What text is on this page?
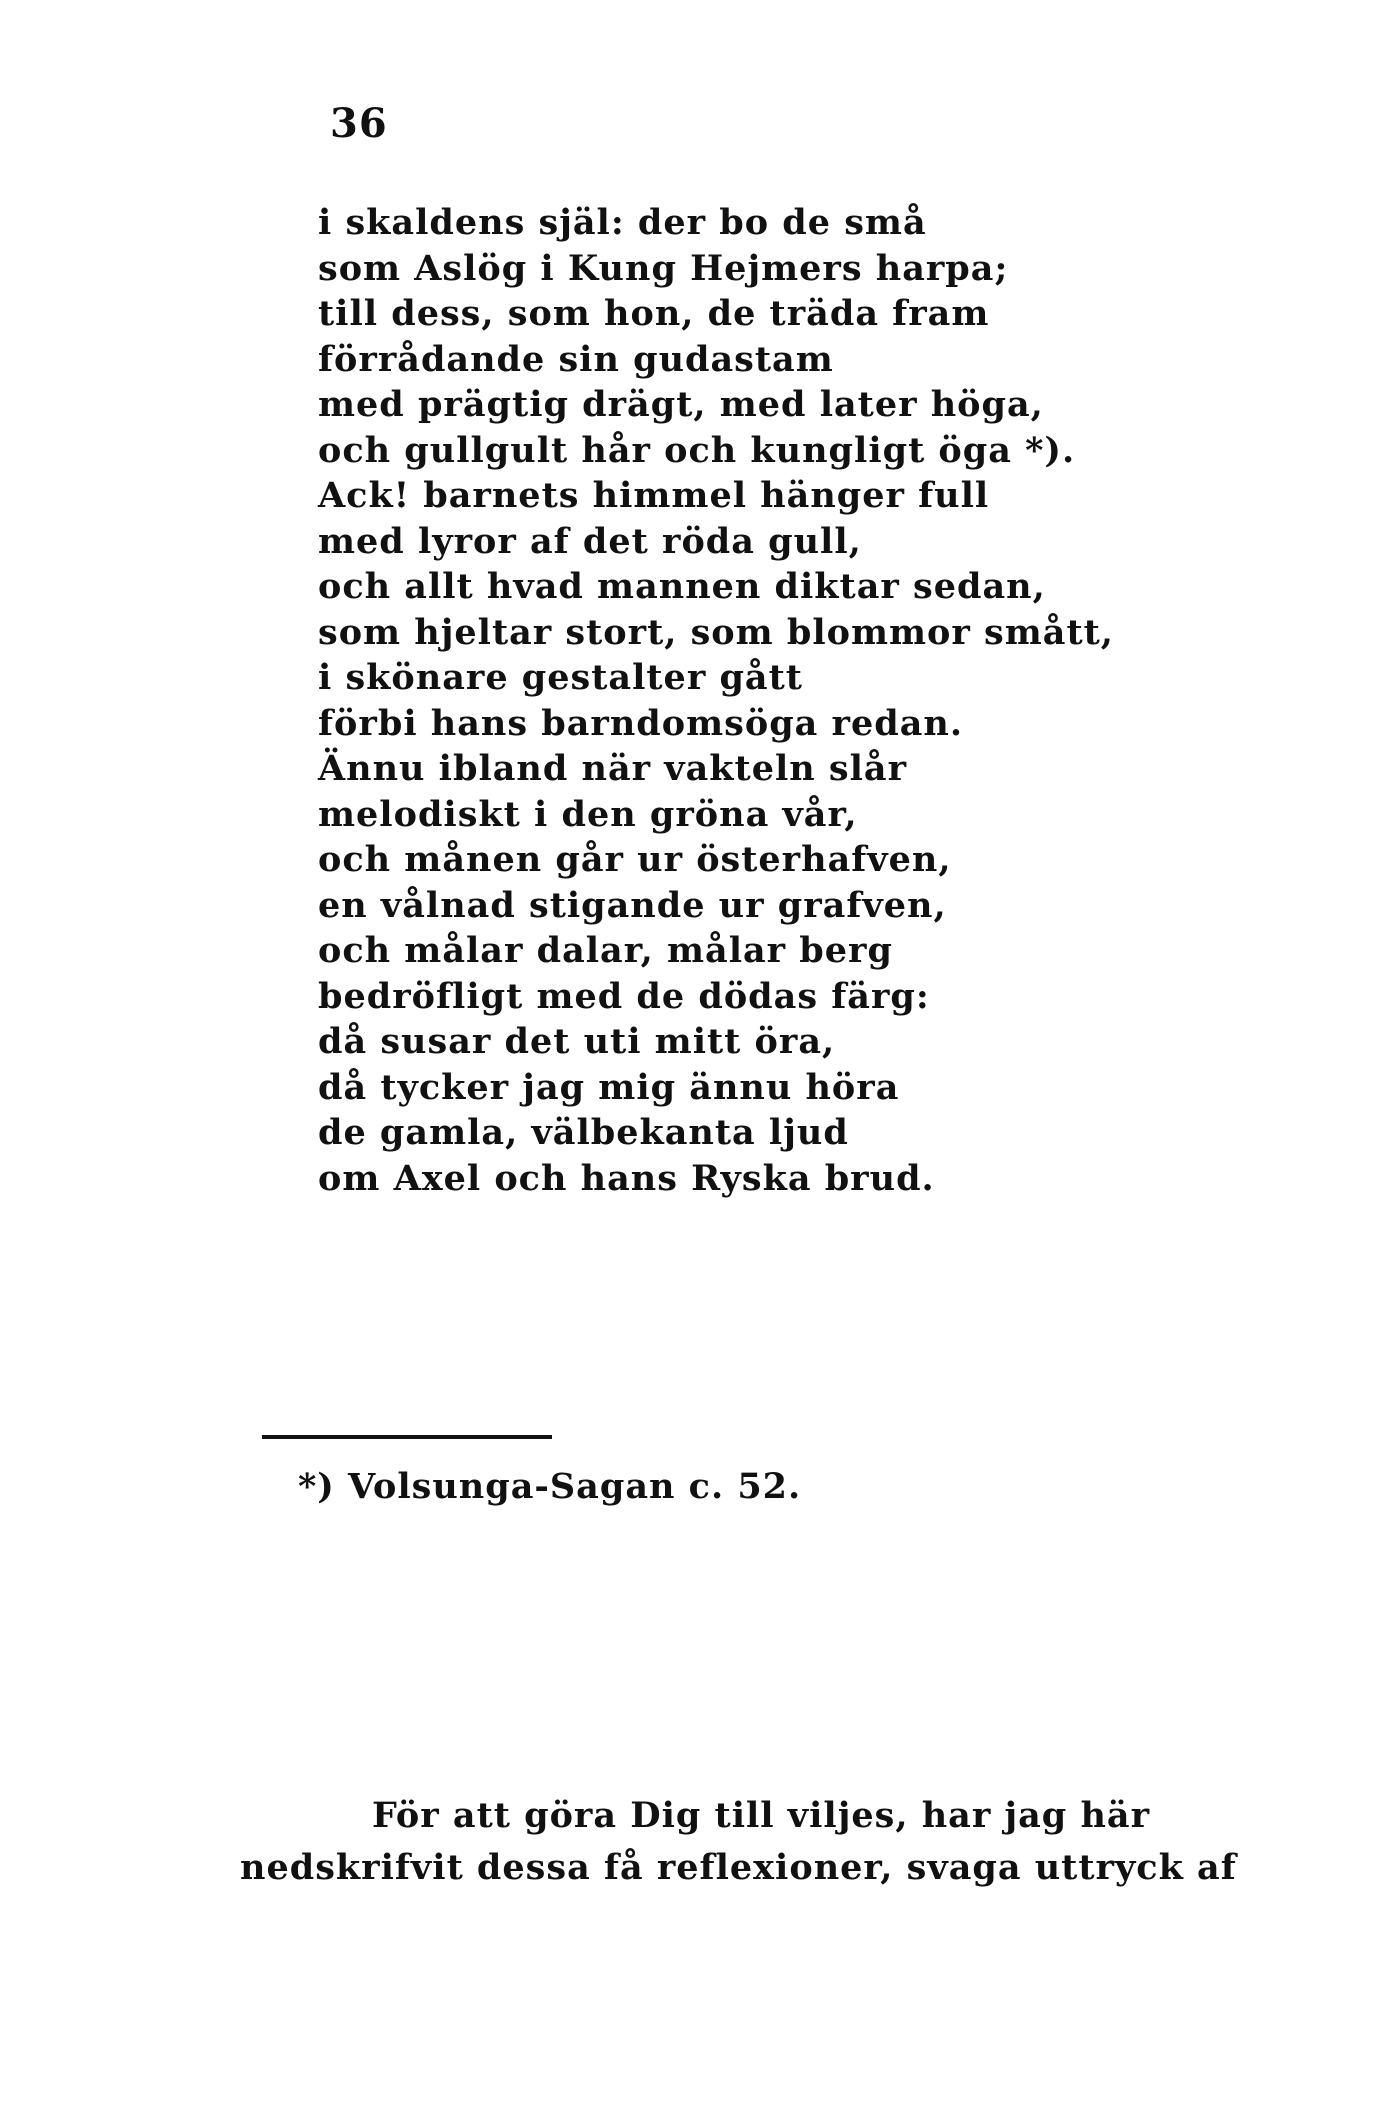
36
i skaldens själ: der bo de små
som Aslög i Kung Hejmers harpa;
till dess, som hon, de träda fram
förrådande sin gudastam
med prägtig drägt, med later höga,
och gullgult hår och kungligt öga *).
Ack! barnets himmel hänger full
med lyror af det röda gull,
och allt hvad mannen diktar sedan,
som hjeltar stort, som blommor smått,
i skönare gestalter gått
förbi hans barndomsöga redan.
Ännu ibland när vakteln slår
melodiskt i den gröna vår,
och månen går ur österhafven,
en vålnad stigande ur grafven,
och målar dalar, målar berg
bedröfligt med de dödas färg:
då susar det uti mitt öra,
då tycker jag mig ännu höra
de gamla, välbekanta ljud
om Axel och hans Ryska brud.
*) Volsunga-Sagan c. 52.
För att göra Dig till viljes, har jag här
nedskrifvit dessa få reflexioner, svaga uttryck af
